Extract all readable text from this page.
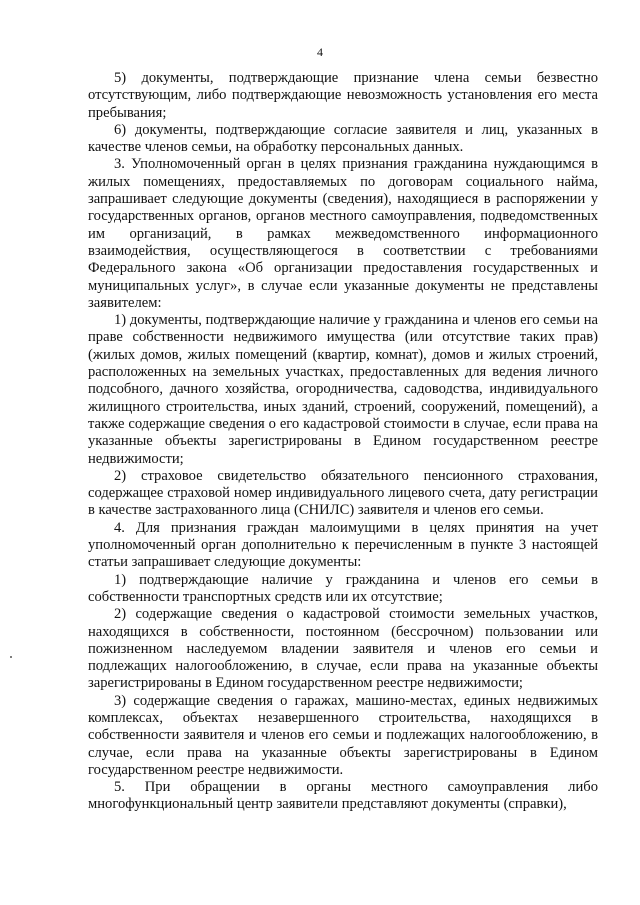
4

5) документы, подтверждающие признание члена семьи безвестно отсутствующим, либо подтверждающие невозможность установления его места пребывания;

6) документы, подтверждающие согласие заявителя и лиц, указанных в качестве членов семьи, на обработку персональных данных.

3. Уполномоченный орган в целях признания гражданина нуждающимся в жилых помещениях, предоставляемых по договорам социального найма, запрашивает следующие документы (сведения), находящиеся в распоряжении у государственных органов, органов местного самоуправления, подведомственных им организаций, в рамках межведомственного информационного взаимодействия, осуществляющегося в соответствии с требованиями Федерального закона «Об организации предоставления государственных и муниципальных услуг», в случае если указанные документы не представлены заявителем:

1) документы, подтверждающие наличие у гражданина и членов его семьи на праве собственности недвижимого имущества (или отсутствие таких прав) (жилых домов, жилых помещений (квартир, комнат), домов и жилых строений, расположенных на земельных участках, предоставленных для ведения личного подсобного, дачного хозяйства, огородничества, садоводства, индивидуального жилищного строительства, иных зданий, строений, сооружений, помещений), а также содержащие сведения о его кадастровой стоимости в случае, если права на указанные объекты зарегистрированы в Едином государственном реестре недвижимости;

2) страховое свидетельство обязательного пенсионного страхования, содержащее страховой номер индивидуального лицевого счета, дату регистрации в качестве застрахованного лица (СНИЛС) заявителя и членов его семьи.

4. Для признания граждан малоимущими в целях принятия на учет уполномоченный орган дополнительно к перечисленным в пункте 3 настоящей статьи запрашивает следующие документы:

1) подтверждающие наличие у гражданина и членов его семьи в собственности транспортных средств или их отсутствие;

2) содержащие сведения о кадастровой стоимости земельных участков, находящихся в собственности, постоянном (бессрочном) пользовании или пожизненном наследуемом владении заявителя и членов его семьи и подлежащих налогообложению, в случае, если права на указанные объекты зарегистрированы в Едином государственном реестре недвижимости;

3) содержащие сведения о гаражах, машино-местах, единых недвижимых комплексах, объектах незавершенного строительства, находящихся в собственности заявителя и членов его семьи и подлежащих налогообложению, в случае, если права на указанные объекты зарегистрированы в Едином государственном реестре недвижимости.

5. При обращении в органы местного самоуправления либо многофункциональный центр заявители представляют документы (справки),
